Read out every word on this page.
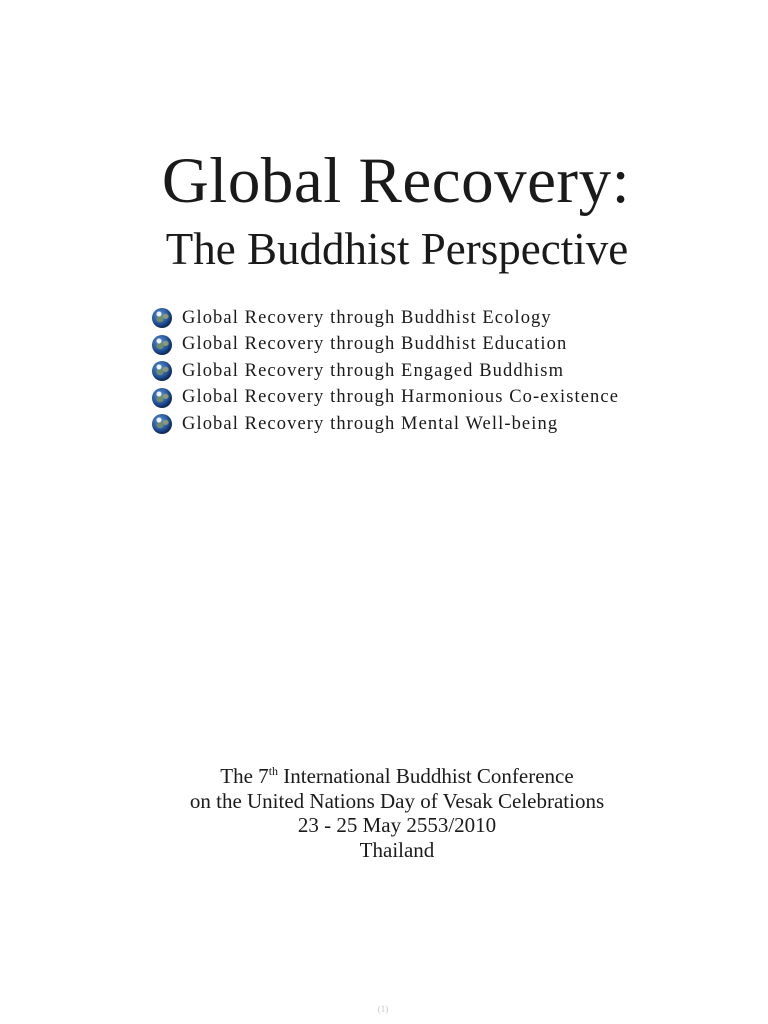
Global Recovery:
The Buddhist Perspective
Global Recovery through Buddhist Ecology
Global Recovery through Buddhist Education
Global Recovery through Engaged Buddhism
Global Recovery through Harmonious Co-existence
Global Recovery through Mental Well-being
The 7th International Buddhist Conference
on the United Nations Day of Vesak Celebrations
23 - 25 May 2553/2010
Thailand
(1)
